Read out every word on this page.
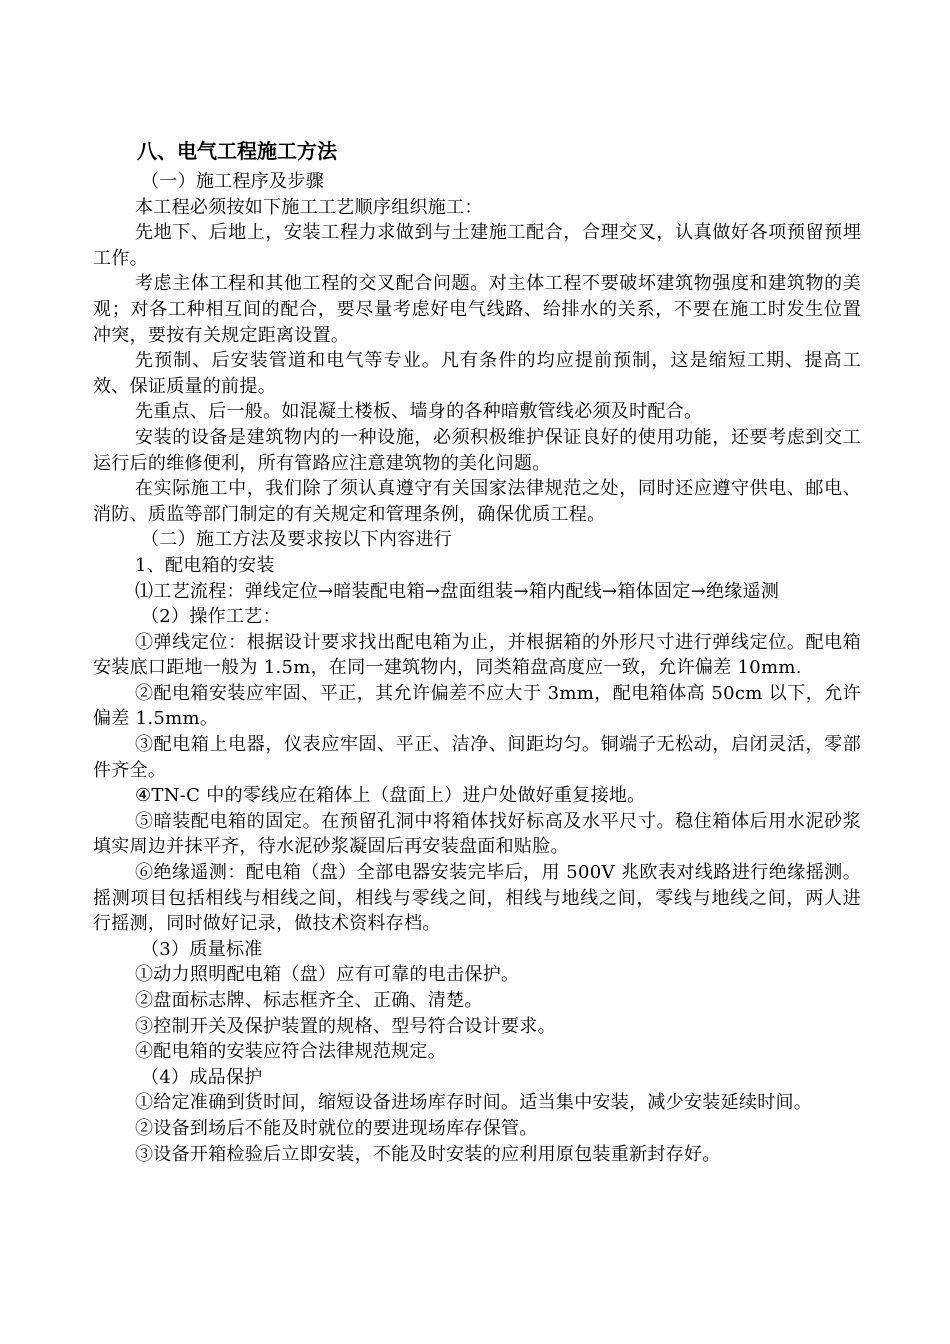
八、电气工程施工方法

（一）施工程序及步骤

本工程必须按如下施工工艺顺序组织施工：

先地下、后地上，安装工程力求做到与土建施工配合，合理交叉，认真做好各项预留预埋工作。

考虑主体工程和其他工程的交叉配合问题。对主体工程不要破坏建筑物强度和建筑物的美观；对各工种相互间的配合，要尽量考虑好电气线路、给排水的关系，不要在施工时发生位置冲突，要按有关规定距离设置。

先预制、后安装管道和电气等专业。凡有条件的均应提前预制，这是缩短工期、提高工效、保证质量的前提。

先重点、后一般。如混凝土楼板、墙身的各种暗敷管线必须及时配合。

安装的设备是建筑物内的一种设施，必须积极维护保证良好的使用功能，还要考虑到交工运行后的维修便利，所有管路应注意建筑物的美化问题。

在实际施工中，我们除了须认真遵守有关国家法律规范之处，同时还应遵守供电、邮电、消防、质监等部门制定的有关规定和管理条例，确保优质工程。

（二）施工方法及要求按以下内容进行

1、配电箱的安装

⑴工艺流程：弹线定位→暗装配电箱→盘面组装→箱内配线→箱体固定→绝缘遥测

（2）操作工艺：

①弹线定位：根据设计要求找出配电箱为止，并根据箱的外形尺寸进行弹线定位。配电箱安装底口距地一般为 1.5m，在同一建筑物内，同类箱盘高度应一致，允许偏差 10mm.

②配电箱安装应牢固、平正，其允许偏差不应大于 3mm，配电箱体高 50cm 以下，允许偏差 1.5mm。

③配电箱上电器，仪表应牢固、平正、洁净、间距均匀。铜端子无松动，启闭灵活，零部件齐全。

④TN-C 中的零线应在箱体上（盘面上）进户处做好重复接地。

⑤暗装配电箱的固定。在预留孔洞中将箱体找好标高及水平尺寸。稳住箱体后用水泥砂浆填实周边并抹平齐，待水泥砂浆凝固后再安装盘面和贴脸。

⑥绝缘遥测：配电箱（盘）全部电器安装完毕后，用 500V 兆欧表对线路进行绝缘摇测。摇测项目包括相线与相线之间，相线与零线之间，相线与地线之间，零线与地线之间，两人进行摇测，同时做好记录，做技术资料存档。

（3）质量标准

①动力照明配电箱（盘）应有可靠的电击保护。

②盘面标志牌、标志框齐全、正确、清楚。

③控制开关及保护装置的规格、型号符合设计要求。

④配电箱的安装应符合法律规范规定。

（4）成品保护

①给定准确到货时间，缩短设备进场库存时间。适当集中安装，减少安装延续时间。

②设备到场后不能及时就位的要进现场库存保管。

③设备开箱检验后立即安装，不能及时安装的应利用原包装重新封存好。
